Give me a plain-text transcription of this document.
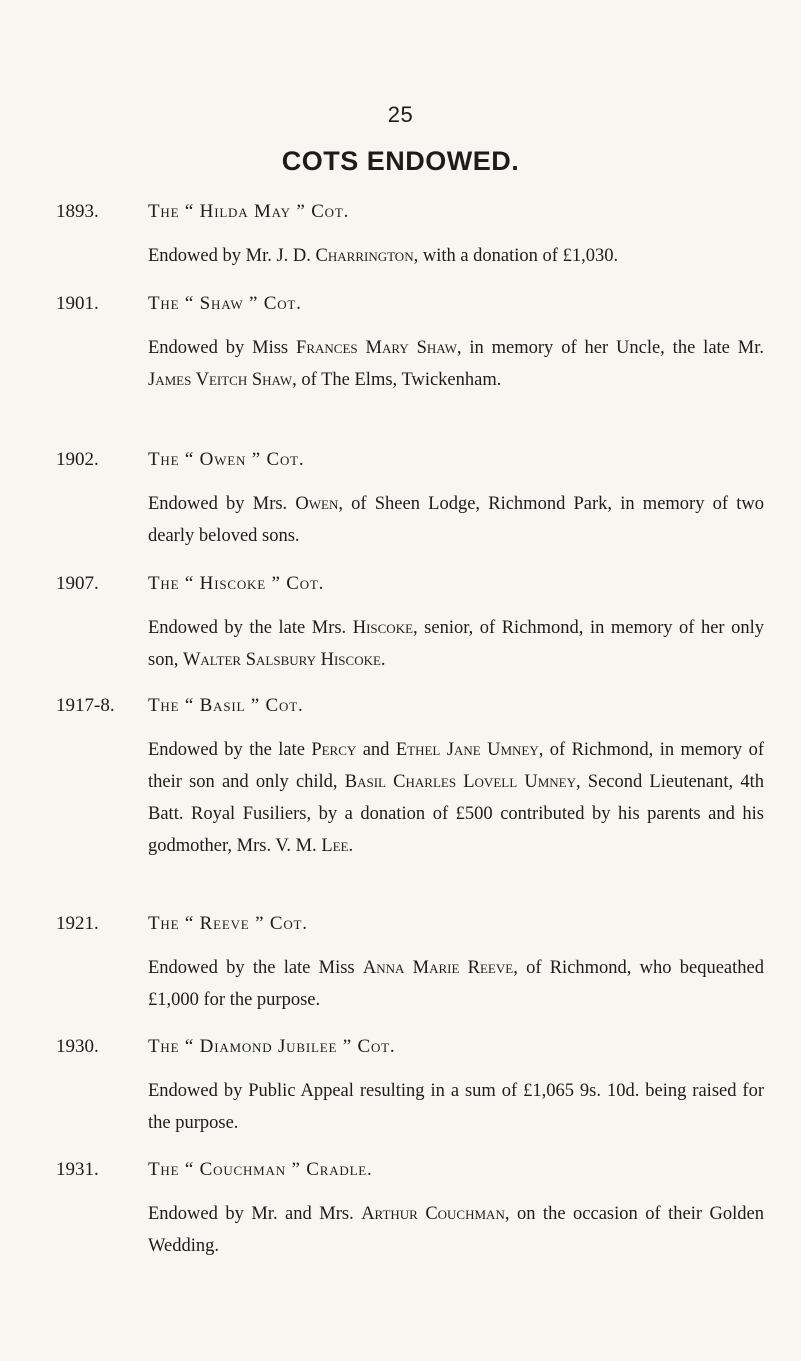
25
COTS ENDOWED.
1893.	The “ Hilda May ” Cot.
Endowed by Mr. J. D. Charrington, with a donation of £1,030.
1901.	The “ Shaw ” Cot.
Endowed by Miss Frances Mary Shaw, in memory of her Uncle, the late Mr. James Veitch Shaw, of The Elms, Twickenham.
1902.	The “ Owen ” Cot.
Endowed by Mrs. Owen, of Sheen Lodge, Richmond Park, in memory of two dearly beloved sons.
1907.	The “ Hiscoke ” Cot.
Endowed by the late Mrs. Hiscoke, senior, of Richmond, in memory of her only son, Walter Salsbury Hiscoke.
1917-8. The “ Basil ” Cot.
Endowed by the late Percy and Ethel Jane Umney, of Richmond, in memory of their son and only child, Basil Charles Lovell Umney, Second Lieutenant, 4th Batt. Royal Fusiliers, by a donation of £500 contributed by his parents and his godmother, Mrs. V. M. Lee.
1921.	The “ Reeve ” Cot.
Endowed by the late Miss Anna Marie Reeve, of Richmond, who bequeathed £1,000 for the purpose.
1930.	The “ Diamond Jubilee ” Cot.
Endowed by Public Appeal resulting in a sum of £1,065 9s. 10d. being raised for the purpose.
1931.	The “ Couchman ” Cradle.
Endowed by Mr. and Mrs. Arthur Couchman, on the occasion of their Golden Wedding.
